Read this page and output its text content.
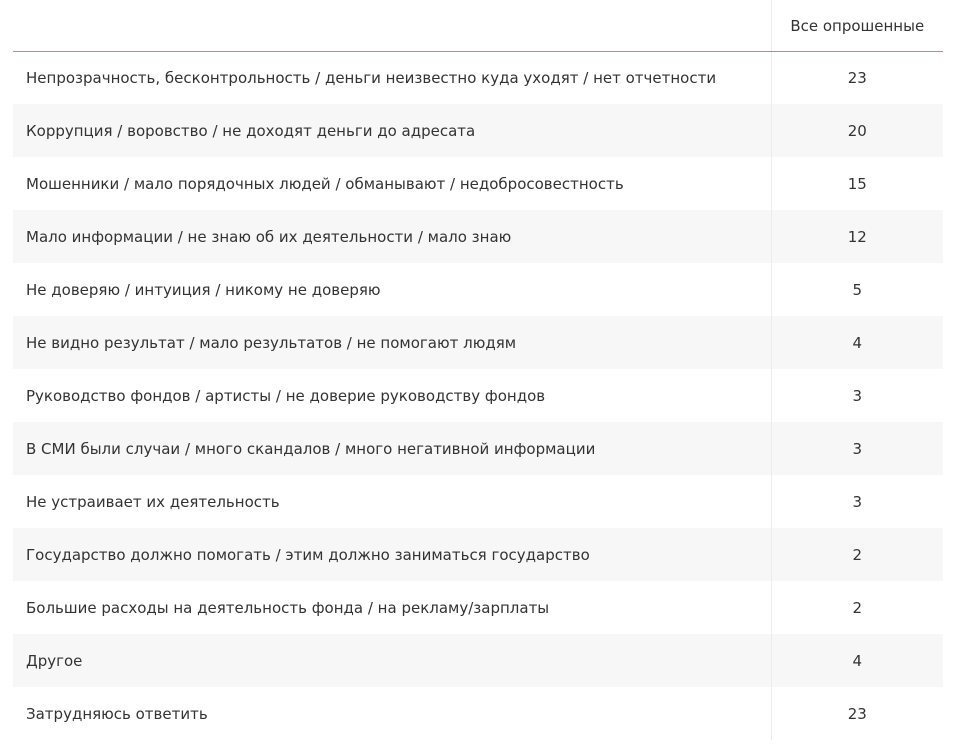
	Все опрошенные
Непрозрачность, бесконтрольность / деньги неизвестно куда уходят / нет отчетности	23
Коррупция / воровство / не доходят деньги до адресата	20
Мошенники / мало порядочных людей / обманывают / недобросовестность	15
Мало информации / не знаю об их деятельности / мало знаю	12
Не доверяю / интуиция / никому не доверяю	5
Не видно результат / мало результатов / не помогают людям	4
Руководство фондов / артисты / не доверие руководству фондов	3
В СМИ были случаи / много скандалов / много негативной информации	3
Не устраивает их деятельность	3
Государство должно помогать / этим должно заниматься государство	2
Большие расходы на деятельность фонда / на рекламу/зарплаты	2
Другое	4
Затрудняюсь ответить	23
